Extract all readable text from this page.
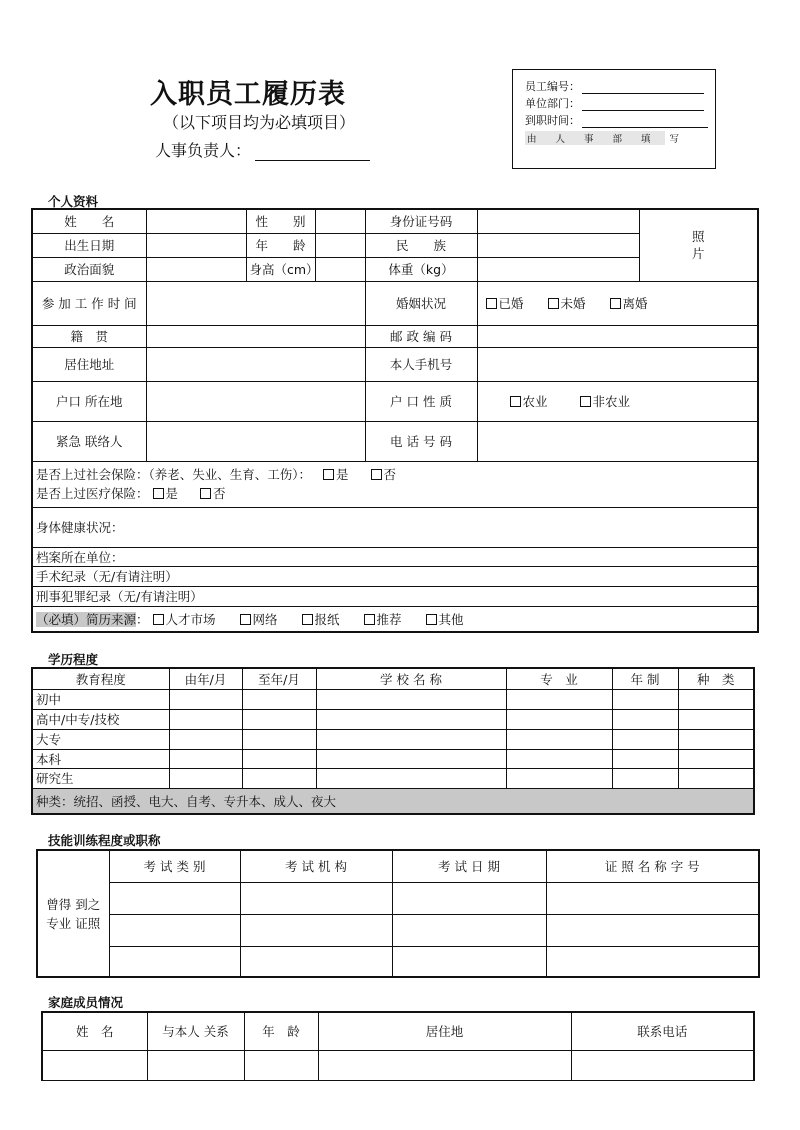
入职员工履历表
（以下项目均为必填项目）
人事负责人：
员工编号：
单位部门：
到职时间：
由人事部填写
个人资料
姓　　名		性　　别		身份证号码		照
片
出生日期		年　　龄		民　　族		
政治面貌		身高（cm）		体重（kg）		
参 加 工 作 时 间				婚姻状况	已婚 未婚 离婚	
籍　贯				邮 政 编 码		
居住地址				本人手机号		
户口 所在地				户 口 性 质	农业 非农业	
紧急 联络人				电 话 号 码		

是否上过社会保险：（养老、失业、生育、工伤）： 是 否
是否上过医疗保险： 是 否						

身体健康状况：						
档案所在单位：						
手术纪录（无/有请注明）						
刑事犯罪纪录（无/有请注明）						
（必填）简历来源： 人才市场 网络 报纸 推荐 其他						
学历程度
教育程度	由年/月	至年/月	学 校 名 称	专　业	年 制	种　类
初中						
高中/中专/技校						
大专						
本科						
研究生						
种类：统招、函授、电大、自考、专升本、成人、夜大						
技能训练程度或职称
曾得 到之 专业 证照	考 试 类 别	考 试 机 构	考 试 日 期	证 照 名 称 字 号

家庭成员情况
姓　名	与本人 关系	年　龄	居住地	联系电话
